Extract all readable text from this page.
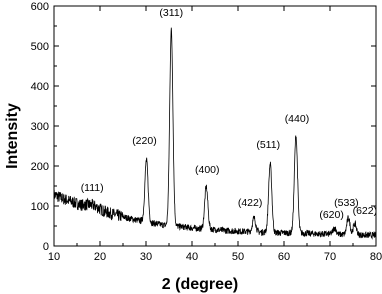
10	20	30	40	50	60	70	80
0
100
200
300
400
500
600
(111)
(220)
(311)
(400)
(422)
(511)
(440)
(620)
(533)
(622)
2 (degree)
Intensity
